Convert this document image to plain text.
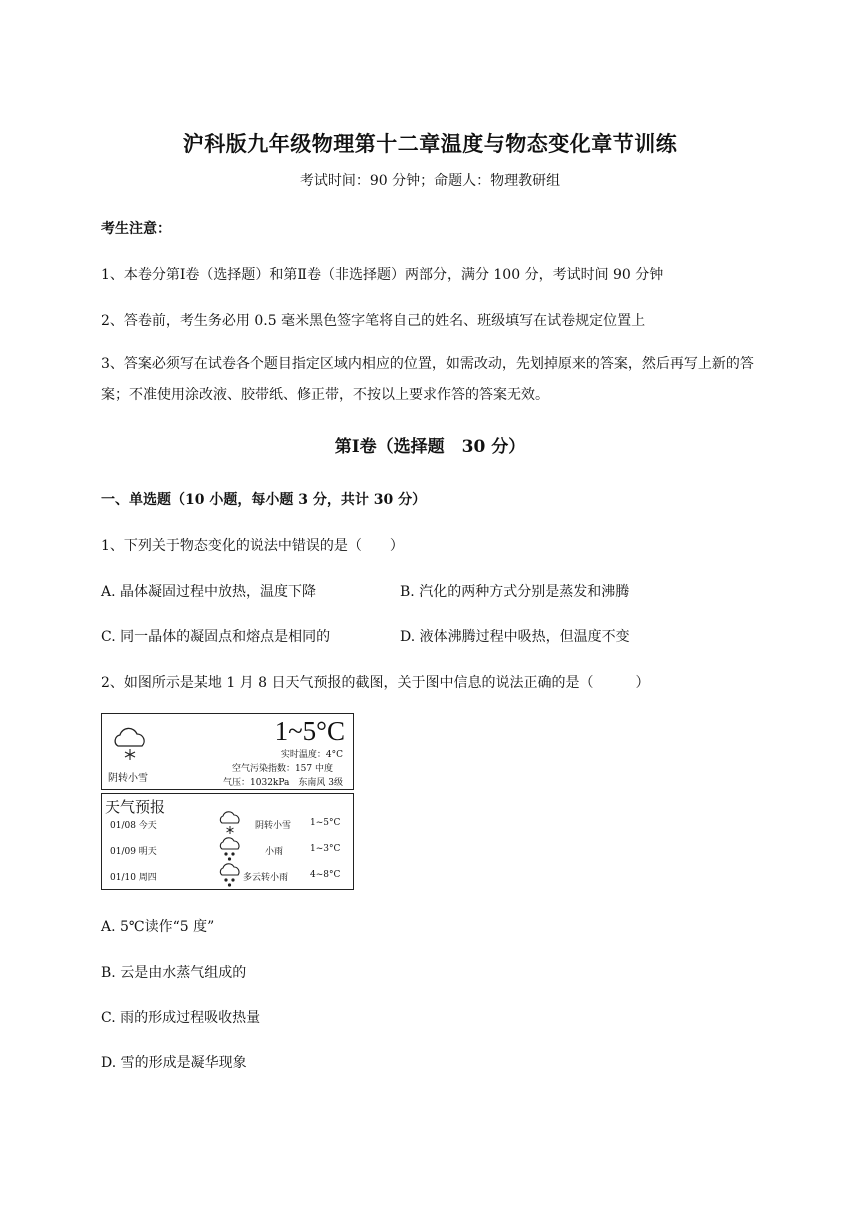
沪科版九年级物理第十二章温度与物态变化章节训练
考试时间：90 分钟；命题人：物理教研组
考生注意：
1、本卷分第Ⅰ卷（选择题）和第Ⅱ卷（非选择题）两部分，满分 100 分，考试时间 90 分钟
2、答卷前，考生务必用 0.5 毫米黑色签字笔将自己的姓名、班级填写在试卷规定位置上
3、答案必须写在试卷各个题目指定区域内相应的位置，如需改动，先划掉原来的答案，然后再写上新的答案；不准使用涂改液、胶带纸、修正带，不按以上要求作答的答案无效。
第Ⅰ卷（选择题　30 分）
一、单选题（10 小题，每小题 3 分，共计 30 分）
1、下列关于物态变化的说法中错误的是（　　）
A. 晶体凝固过程中放热，温度下降	B. 汽化的两种方式分别是蒸发和沸腾
C. 同一晶体的凝固点和熔点是相同的	D. 液体沸腾过程中吸热，但温度不变
2、如图所示是某地 1 月 8 日天气预报的截图，关于图中信息的说法正确的是（　　　）
阴转小雪
1~5°C
实时温度：4°C
空气污染指数：157 中度
气压：1032kPa　东南风 3级
天气预报
01/08 今天	阴转小雪 1~5°C
01/09 明天	小雨	1~3°C
01/10 周四	多云转小雨 4~8°C
A. 5℃读作“5 度”
B. 云是由水蒸气组成的
C. 雨的形成过程吸收热量
D. 雪的形成是凝华现象
